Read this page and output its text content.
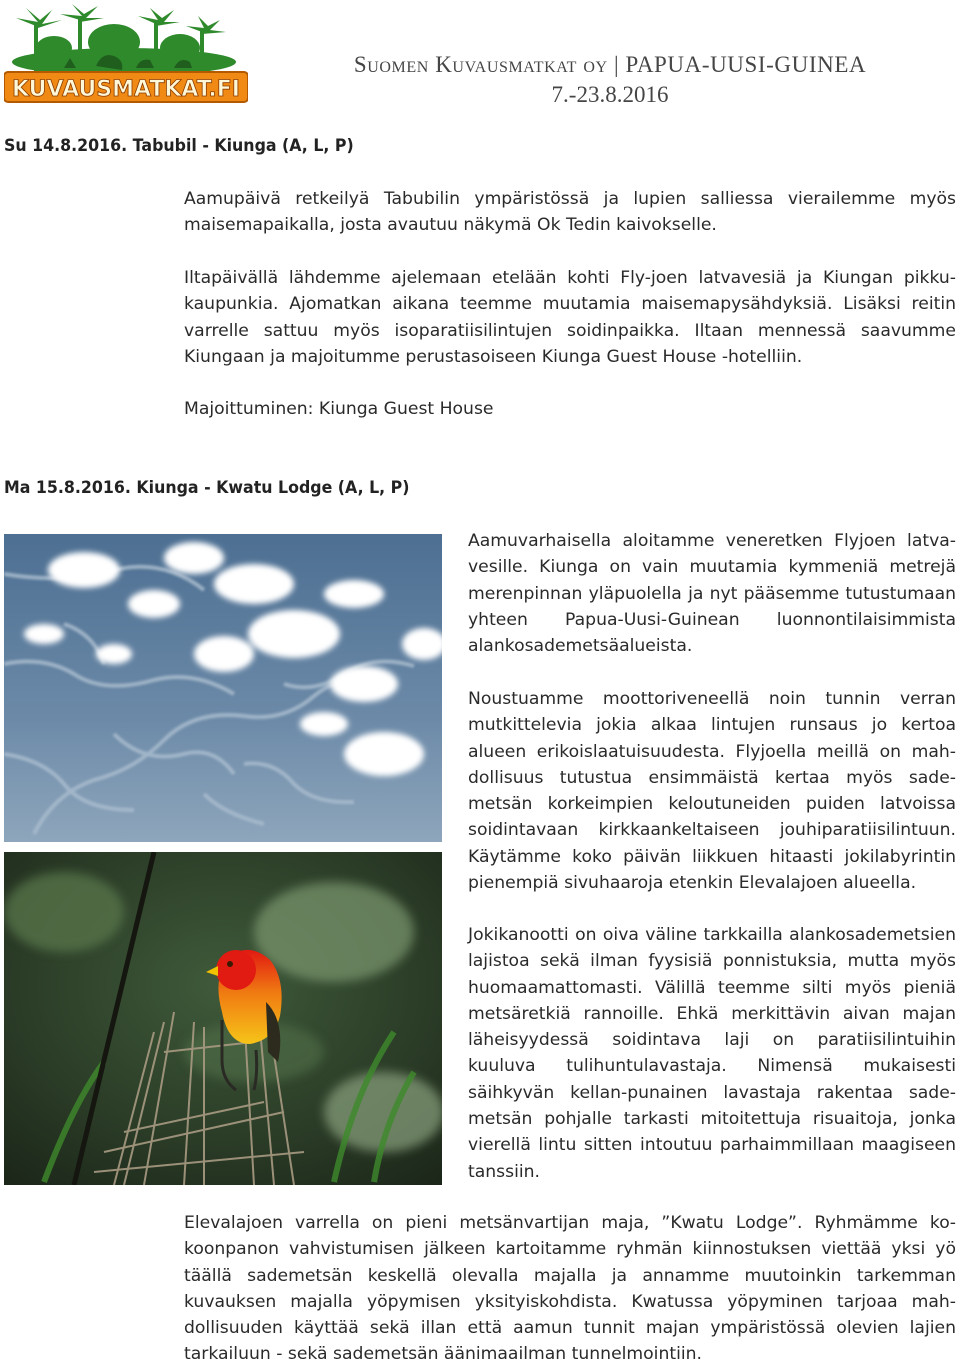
KUVAUSMATKAT.FI
Suomen Kuvausmatkat oy | PAPUA-UUSI-GUINEA
7.-23.8.2016
Su 14.8.2016. Tabubil - Kiunga (A, L, P)

Aamupäivä retkeilyä Tabubilin ympäristössä ja lupien salliessa vierailemme myös maisemapaikalla, josta avautuu näkymä Ok Tedin kaivokselle.

Iltapäivällä lähdemme ajelemaan etelään kohti Fly-joen latvavesiä ja Kiungan pikkukaupunkia. Ajomatkan aikana teemme muutamia maisemapysähdyksiä. Lisäksi reitin varrelle sattuu myös isoparatiisilintujen soidinpaikka. Iltaan mennessä saavumme Kiungaan ja majoitumme perustasoiseen Kiunga Guest House -hotelliin.

Majoittuminen: Kiunga Guest House

Ma 15.8.2016. Kiunga - Kwatu Lodge (A, L, P)

Aamuvarhaisella aloitamme veneretken Flyjoen latvavesille. Kiunga on vain muutamia kymmeniä metrejä merenpinnan yläpuolella ja nyt pääsemme tutustumaan yhteen Papua-Uusi-Guinean luonnontilaisimmista alankosademetsäalueista.

Noustuamme moottoriveneellä noin tunnin verran mutkittelevia jokia alkaa lintujen runsaus jo kertoa alueen erikoislaatuisuudesta. Flyjoella meillä on mahdollisuus tutustua ensimmäistä kertaa myös sademetsän korkeimpien keloutuneiden puiden latvoissa soidintavaan kirkkaankeltaiseen jouhiparatiisilintuun. Käytämme koko päivän liikkuen hitaasti jokilabyrintin pienempiä sivuhaaroja etenkin Elevalajoen alueella.

Jokikanootti on oiva väline tarkkailla alankosademetsien lajistoa sekä ilman fyysisiä ponnistuksia, mutta myös huomaamattomasti. Välillä teemme silti myös pieniä metsäretkiä rannoille. Ehkä merkittävin aivan majan läheisyydessä soidintava laji on paratiisilintuihin kuuluva tulihuntulavastaja. Nimensä mukaisesti säihkyvän kellan-punainen lavastaja rakentaa sademetsän pohjalle tarkasti mitoitettuja risuaitoja, jonka vierellä lintu sitten intoutuu parhaimmillaan maagiseen tanssiin.

Elevalajoen varrella on pieni metsänvartijan maja, ”Kwatu Lodge”. Ryhmämme kokoonpanon vahvistumisen jälkeen kartoitamme ryhmän kiinnostuksen viettää yksi yö täällä sademetsän keskellä olevalla majalla ja annamme muutoinkin tarkemman kuvauksen majalla yöpymisen yksityiskohdista. Kwatussa yöpyminen tarjoaa mahdollisuuden käyttää sekä illan että aamun tunnit majan ympäristössä olevien lajien tarkailuun - sekä sademetsän äänimaailman tunnelmointiin.
